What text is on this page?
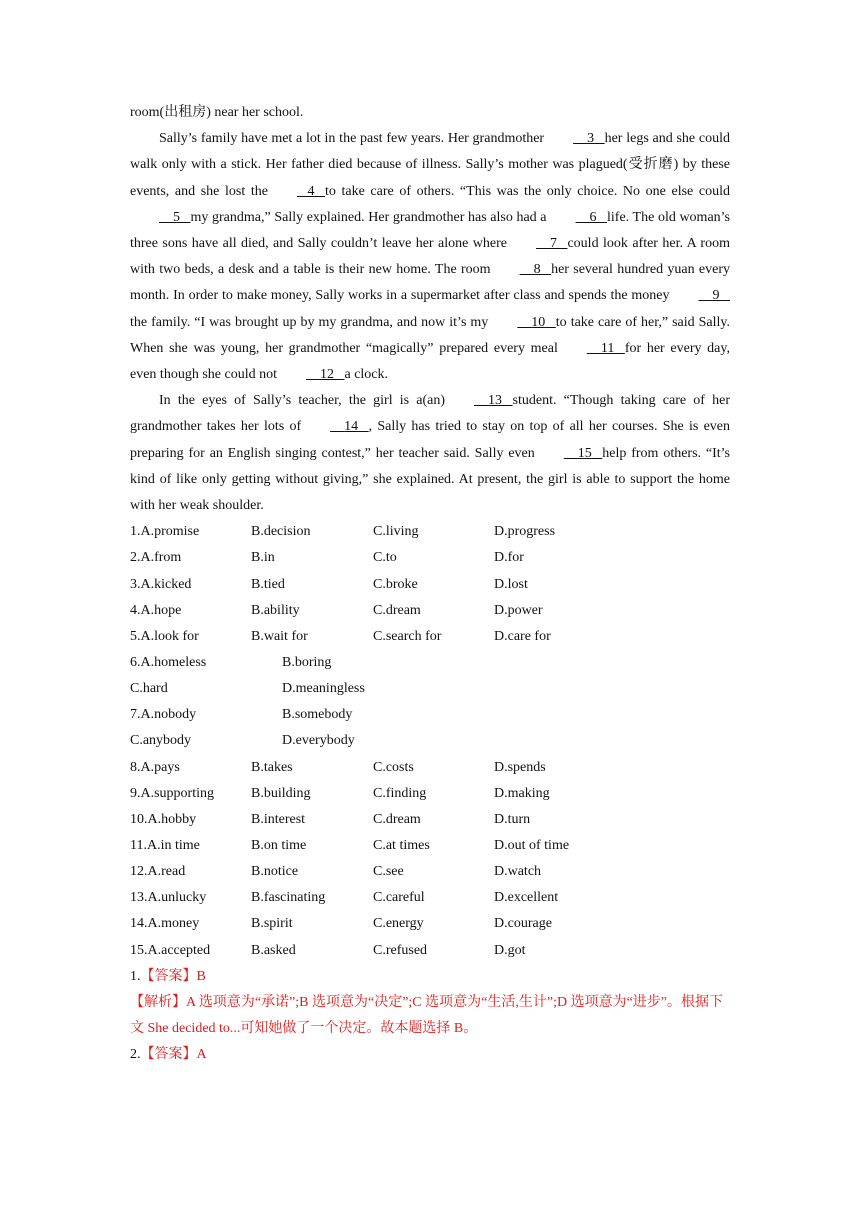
room(出租房) near her school.

Sally’s family have met a lot in the past few years. Her grandmother	3 her legs and she could walk only with a stick. Her father died because of illness. Sally’s mother was plagued(受折磨) by these events, and she lost the	4 to take care of others. “This was the only choice. No one else could    5 my grandma,” Sally explained. Her grandmother has also had a	6 life. The old woman’s three sons have all died, and Sally couldn’t leave her alone where	7 could look after her. A room with two beds, a desk and a table is their new home. The room	8 her several hundred yuan every month. In order to make money, Sally works in a supermarket after class and spends the money	9   the family. “I was brought up by my grandma, and now it’s my	10 to take care of her,” said Sally. When she was young, her grandmother “magically” prepared every meal	11 for her every day, even though she could not	12 a clock.

In the eyes of Sally’s teacher, the girl is a(an)	13 student. “Though taking care of her grandmother takes her lots of	14 , Sally has tried to stay on top of all her courses. She is even preparing for an English singing contest,” her teacher said. Sally even	15 help from others. “It’s kind of like only getting without giving,” she explained. At present, the girl is able to support the home with her weak shoulder.

1.A.promise	B.decision	C.living	D.progress
2.A.from	B.in	C.to	D.for
3.A.kicked	B.tied	C.broke	D.lost
4.A.hope	B.ability	C.dream	D.power
5.A.look for	B.wait for	C.search for	D.care for
6.A.homeless	B.boring
C.hard	D.meaningless
7.A.nobody	B.somebody
C.anybody	D.everybody
8.A.pays	B.takes	C.costs	D.spends
9.A.supporting	B.building	C.finding	D.making
10.A.hobby	B.interest	C.dream	D.turn
11.A.in time	B.on time	C.at times	D.out of time
12.A.read	B.notice	C.see	D.watch
13.A.unlucky	B.fascinating	C.careful	D.excellent
14.A.money	B.spirit	C.energy	D.courage
15.A.accepted	B.asked	C.refused	D.got

1.【答案】B

【解析】A 选项意为“承诺”;B 选项意为“决定”;C 选项意为“生活,生计”;D 选项意为“进步”。根据下文 She decided to...可知她做了一个决定。故本题选择 B。

2.【答案】A
